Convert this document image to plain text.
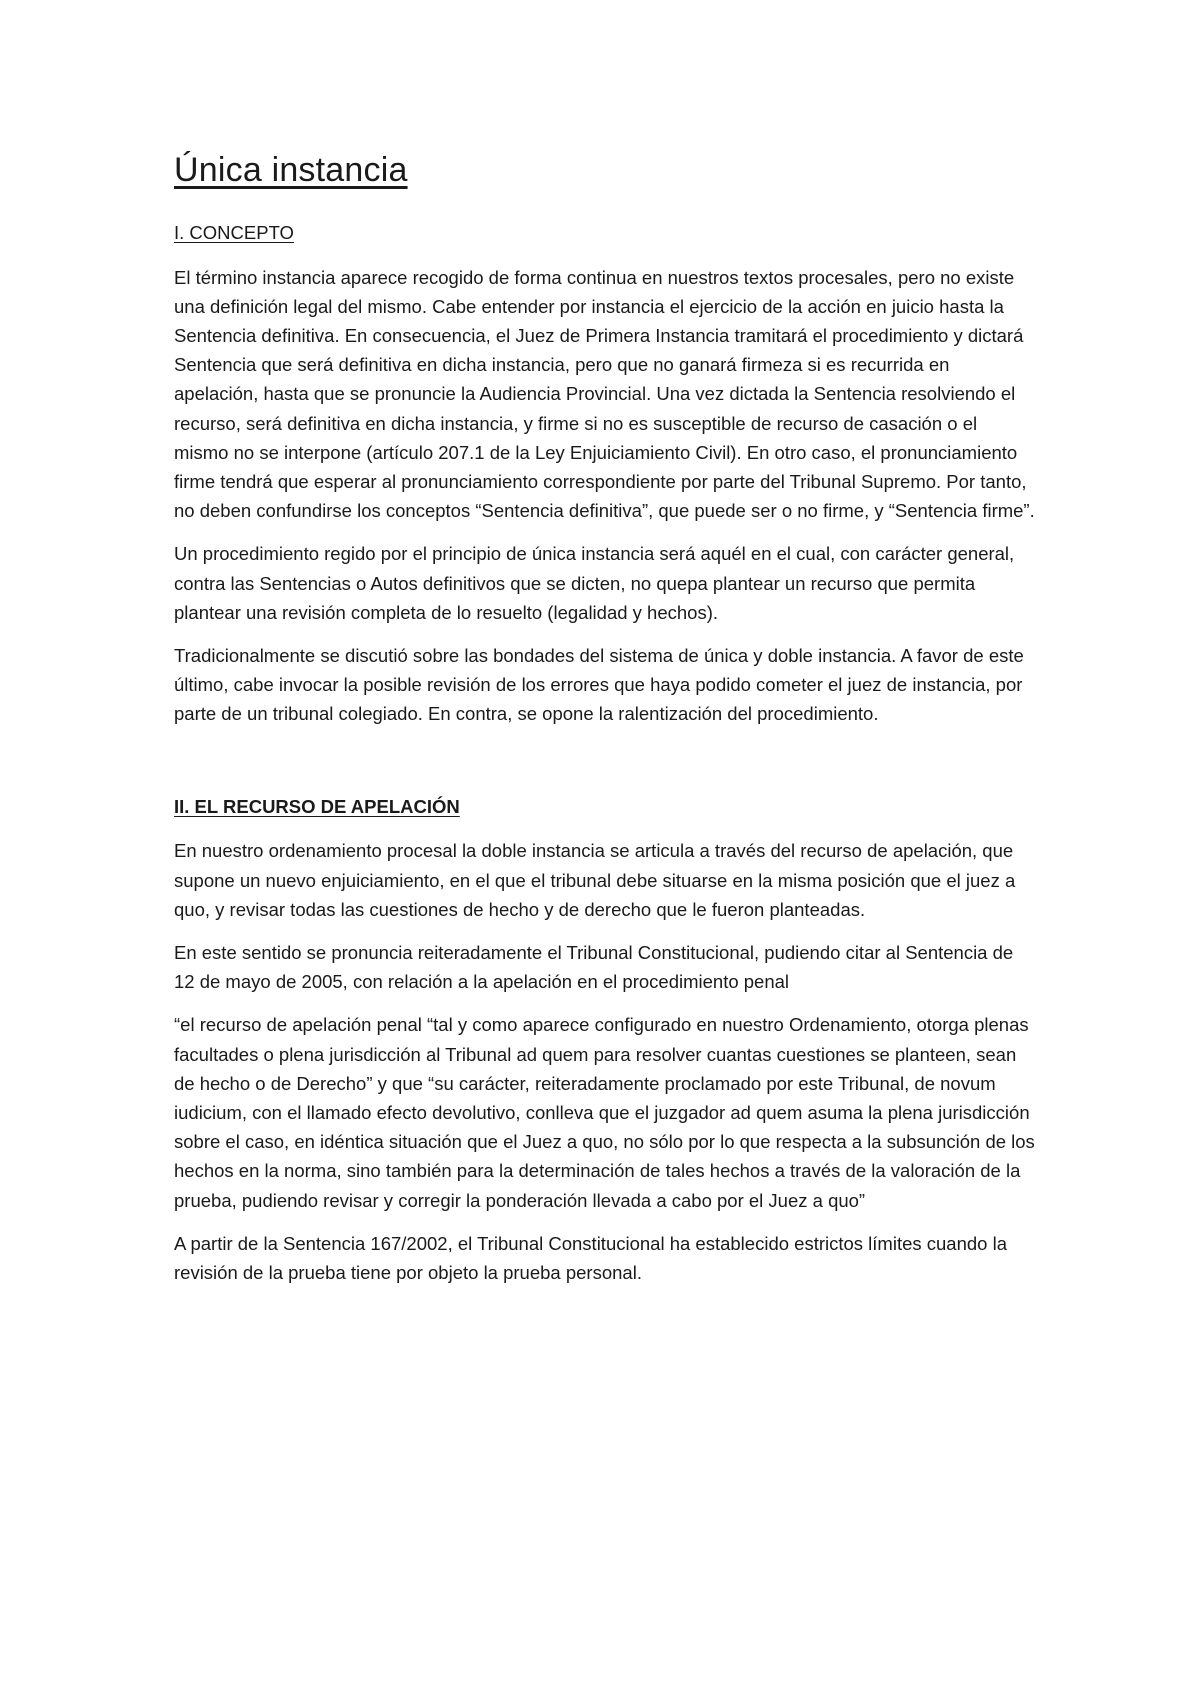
Única instancia
I. CONCEPTO

El término instancia aparece recogido de forma continua en nuestros textos procesales, pero no existe una definición legal del mismo. Cabe entender por instancia el ejercicio de la acción en juicio hasta la Sentencia definitiva. En consecuencia, el Juez de Primera Instancia tramitará el procedimiento y dictará Sentencia que será definitiva en dicha instancia, pero que no ganará firmeza si es recurrida en apelación, hasta que se pronuncie la Audiencia Provincial. Una vez dictada la Sentencia resolviendo el recurso, será definitiva en dicha instancia, y firme si no es susceptible de recurso de casación o el mismo no se interpone (artículo 207.1 de la Ley Enjuiciamiento Civil). En otro caso, el pronunciamiento firme tendrá que esperar al pronunciamiento correspondiente por parte del Tribunal Supremo. Por tanto, no deben confundirse los conceptos “Sentencia definitiva”, que puede ser o no firme, y “Sentencia firme”.

Un procedimiento regido por el principio de única instancia será aquél en el cual, con carácter general, contra las Sentencias o Autos definitivos que se dicten, no quepa plantear un recurso que permita plantear una revisión completa de lo resuelto (legalidad y hechos).

Tradicionalmente se discutió sobre las bondades del sistema de única y doble instancia. A favor de este último, cabe invocar la posible revisión de los errores que haya podido cometer el juez de instancia, por parte de un tribunal colegiado. En contra, se opone la ralentización del procedimiento.

II. EL RECURSO DE APELACIÓN

En nuestro ordenamiento procesal la doble instancia se articula a través del recurso de apelación, que supone un nuevo enjuiciamiento, en el que el tribunal debe situarse en la misma posición que el juez a quo, y revisar todas las cuestiones de hecho y de derecho que le fueron planteadas.

En este sentido se pronuncia reiteradamente el Tribunal Constitucional, pudiendo citar al Sentencia de 12 de mayo de 2005, con relación a la apelación en el procedimiento penal

“el recurso de apelación penal “tal y como aparece configurado en nuestro Ordenamiento, otorga plenas facultades o plena jurisdicción al Tribunal ad quem para resolver cuantas cuestiones se planteen, sean de hecho o de Derecho” y que “su carácter, reiteradamente proclamado por este Tribunal, de novum iudicium, con el llamado efecto devolutivo, conlleva que el juzgador ad quem asuma la plena jurisdicción sobre el caso, en idéntica situación que el Juez a quo, no sólo por lo que respecta a la subsunción de los hechos en la norma, sino también para la determinación de tales hechos a través de la valoración de la prueba, pudiendo revisar y corregir la ponderación llevada a cabo por el Juez a quo”

A partir de la Sentencia 167/2002, el Tribunal Constitucional ha establecido estrictos límites cuando la revisión de la prueba tiene por objeto la prueba personal.
